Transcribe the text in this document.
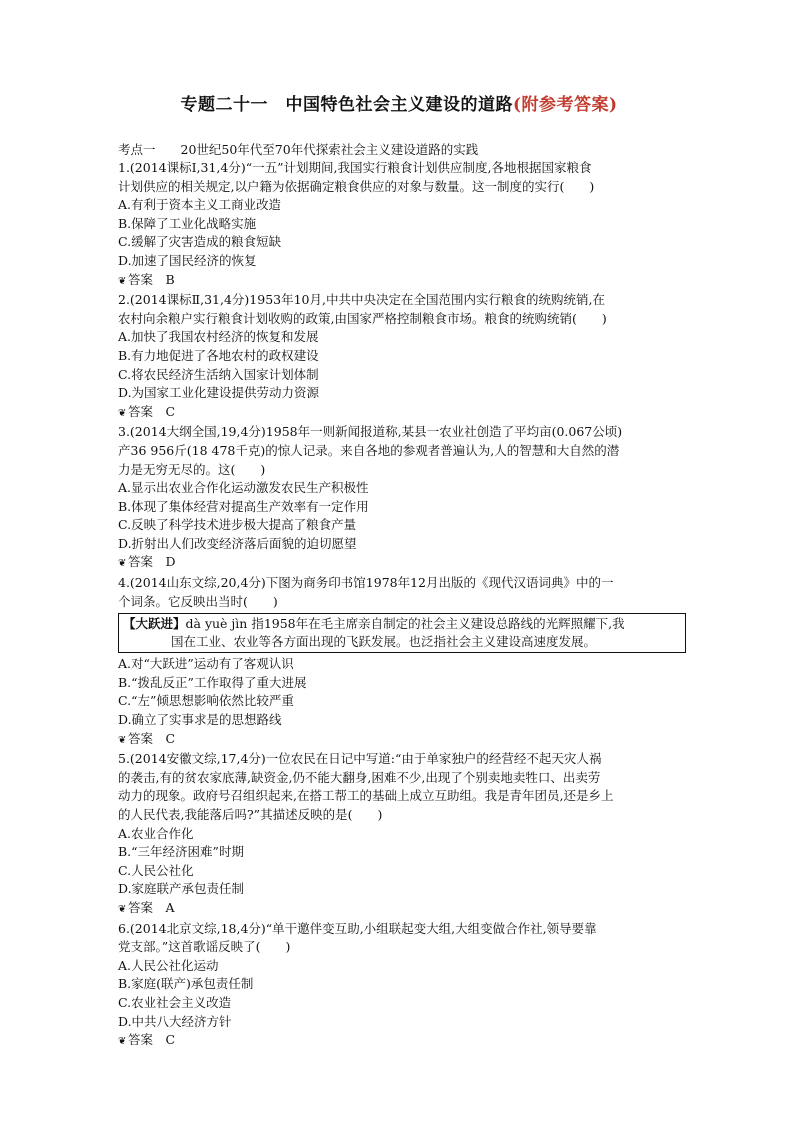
专题二十一　中国特色社会主义建设的道路(附参考答案)

考点一　　20世纪50年代至70年代探索社会主义建设道路的实践

1.(2014课标Ⅰ,31,4分)“一五”计划期间,我国实行粮食计划供应制度,各地根据国家粮食

计划供应的相关规定,以户籍为依据确定粮食供应的对象与数量。这一制度的实行(　　)

A.有利于资本主义工商业改造

B.保障了工业化战略实施

C.缓解了灾害造成的粮食短缺

D.加速了国民经济的恢复

❦ 答案　 B

2.(2014课标Ⅱ,31,4分)1953年10月,中共中央决定在全国范围内实行粮食的统购统销,在

农村向余粮户实行粮食计划收购的政策,由国家严格控制粮食市场。粮食的统购统销(　　)

A.加快了我国农村经济的恢复和发展

B.有力地促进了各地农村的政权建设

C.将农民经济生活纳入国家计划体制

D.为国家工业化建设提供劳动力资源

❦ 答案　 C

3.(2014大纲全国,19,4分)1958年一则新闻报道称,某县一农业社创造了平均亩(0.067公顷)

产36 956斤(18 478千克)的惊人记录。来自各地的参观者普遍认为,人的智慧和大自然的潜

力是无穷无尽的。这(　　)

A.显示出农业合作化运动激发农民生产积极性

B.体现了集体经营对提高生产效率有一定作用

C.反映了科学技术进步极大提高了粮食产量

D.折射出人们改变经济落后面貌的迫切愿望

❦ 答案　 D

4.(2014山东文综,20,4分)下图为商务印书馆1978年12月出版的《现代汉语词典》中的一

个词条。它反映出当时(　　)

【大跃进】dà yuè jìn 指1958年在毛主席亲自制定的社会主义建设总路线的光辉照耀下,我
国在工业、农业等各方面出现的飞跃发展。也泛指社会主义建设高速度发展。

A.对“大跃进”运动有了客观认识

B.“拨乱反正”工作取得了重大进展

C.“左”倾思想影响依然比较严重

D.确立了实事求是的思想路线

❦ 答案　 C

5.(2014安徽文综,17,4分)一位农民在日记中写道:“由于单家独户的经营经不起天灾人祸

的袭击,有的贫农家底薄,缺资金,仍不能大翻身,困难不少,出现了个别卖地卖牲口、出卖劳

动力的现象。政府号召组织起来,在搭工帮工的基础上成立互助组。我是青年团员,还是乡上

的人民代表,我能落后吗?”其描述反映的是(　　)

A.农业合作化

B.“三年经济困难”时期

C.人民公社化

D.家庭联产承包责任制

❦ 答案　 A

6.(2014北京文综,18,4分)“单干邀伴变互助,小组联起变大组,大组变做合作社,领导要靠

党支部。”这首歌谣反映了(　　)

A.人民公社化运动

B.家庭(联产)承包责任制

C.农业社会主义改造

D.中共八大经济方针

❦ 答案　 C
